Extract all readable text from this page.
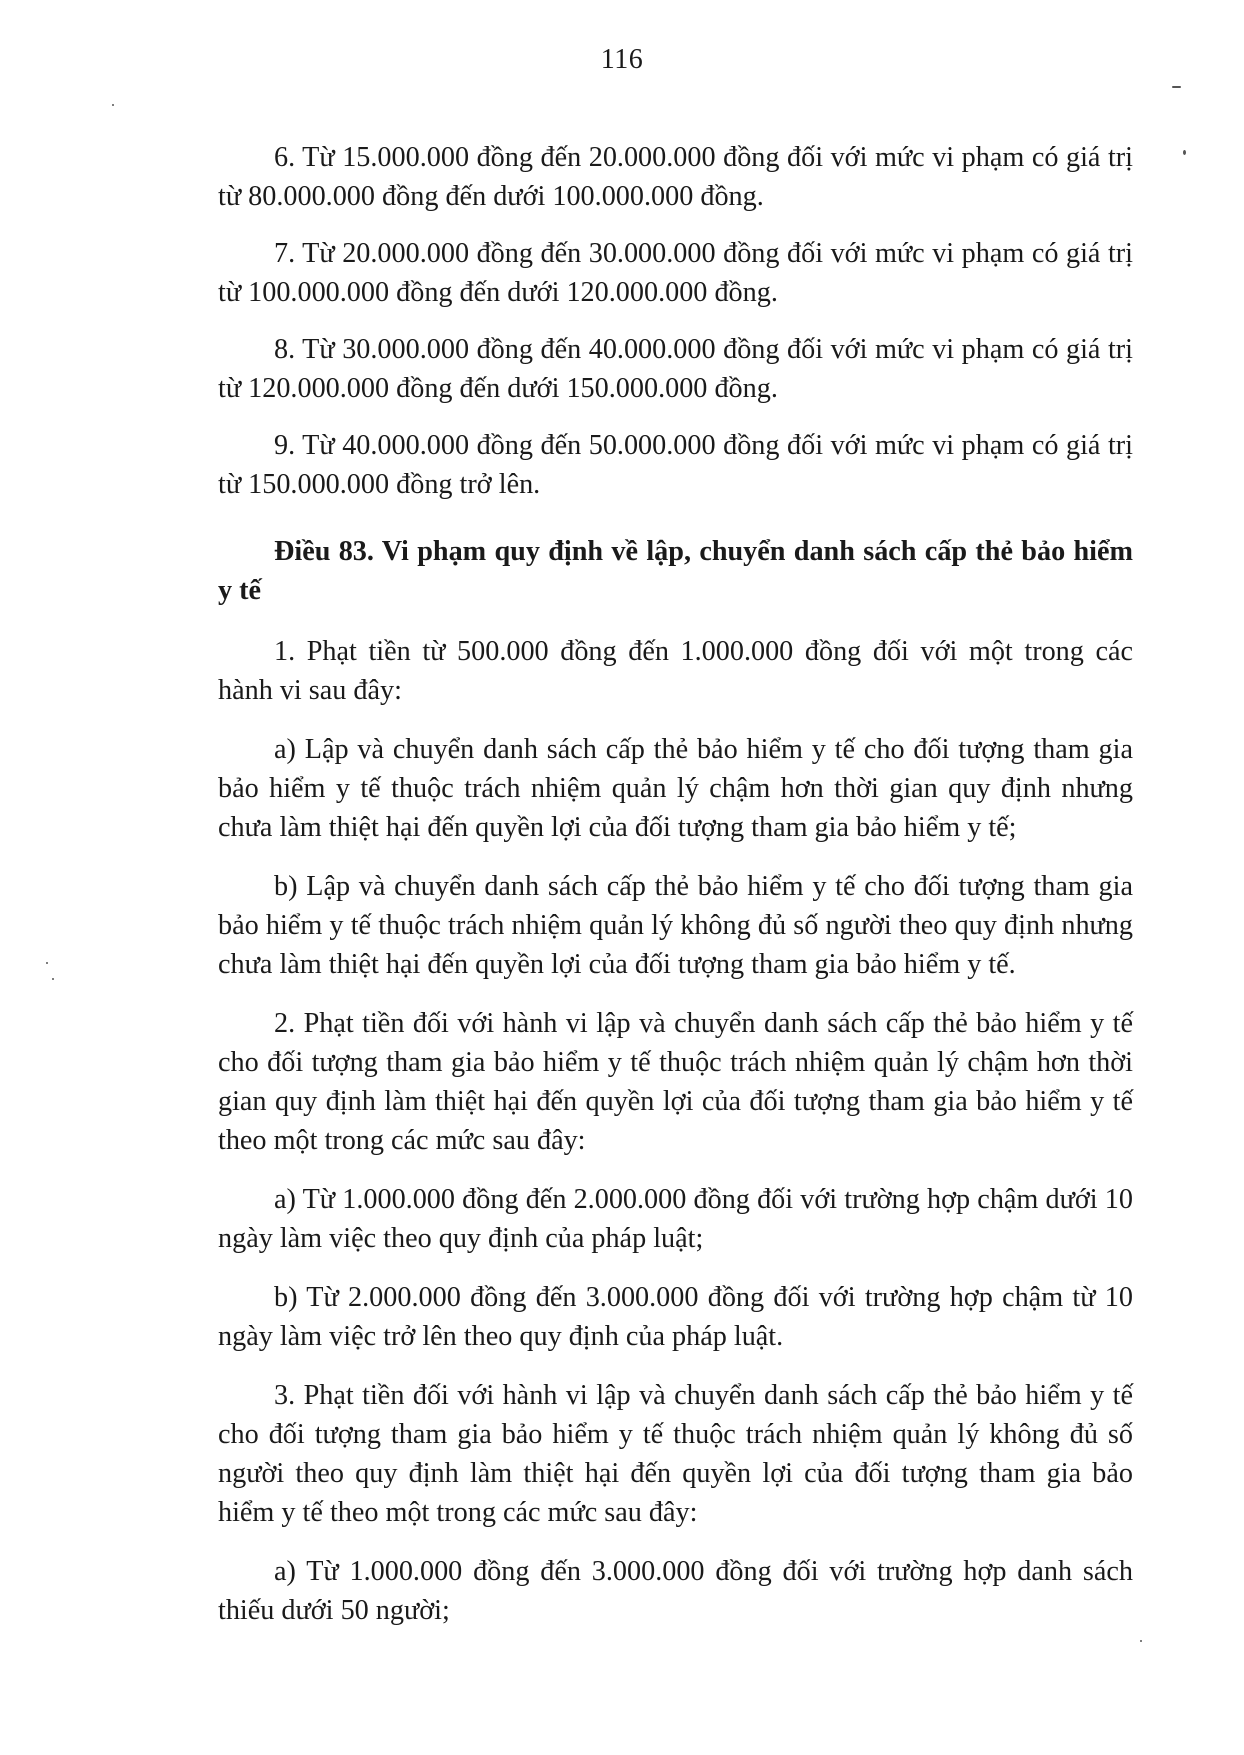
116

6. Từ 15.000.000 đồng đến 20.000.000 đồng đối với mức vi phạm có giá trị từ 80.000.000 đồng đến dưới 100.000.000 đồng.

7. Từ 20.000.000 đồng đến 30.000.000 đồng đối với mức vi phạm có giá trị từ 100.000.000 đồng đến dưới 120.000.000 đồng.

8. Từ 30.000.000 đồng đến 40.000.000 đồng đối với mức vi phạm có giá trị từ 120.000.000 đồng đến dưới 150.000.000 đồng.

9. Từ 40.000.000 đồng đến 50.000.000 đồng đối với mức vi phạm có giá trị từ 150.000.000 đồng trở lên.

Điều 83. Vi phạm quy định về lập, chuyển danh sách cấp thẻ bảo hiểm y tế

1. Phạt tiền từ 500.000 đồng đến 1.000.000 đồng đối với một trong các hành vi sau đây:

a) Lập và chuyển danh sách cấp thẻ bảo hiểm y tế cho đối tượng tham gia bảo hiểm y tế thuộc trách nhiệm quản lý chậm hơn thời gian quy định nhưng chưa làm thiệt hại đến quyền lợi của đối tượng tham gia bảo hiểm y tế;

b) Lập và chuyển danh sách cấp thẻ bảo hiểm y tế cho đối tượng tham gia bảo hiểm y tế thuộc trách nhiệm quản lý không đủ số người theo quy định nhưng chưa làm thiệt hại đến quyền lợi của đối tượng tham gia bảo hiểm y tế.

2. Phạt tiền đối với hành vi lập và chuyển danh sách cấp thẻ bảo hiểm y tế cho đối tượng tham gia bảo hiểm y tế thuộc trách nhiệm quản lý chậm hơn thời gian quy định làm thiệt hại đến quyền lợi của đối tượng tham gia bảo hiểm y tế theo một trong các mức sau đây:

a) Từ 1.000.000 đồng đến 2.000.000 đồng đối với trường hợp chậm dưới 10 ngày làm việc theo quy định của pháp luật;

b) Từ 2.000.000 đồng đến 3.000.000 đồng đối với trường hợp chậm từ 10 ngày làm việc trở lên theo quy định của pháp luật.

3. Phạt tiền đối với hành vi lập và chuyển danh sách cấp thẻ bảo hiểm y tế cho đối tượng tham gia bảo hiểm y tế thuộc trách nhiệm quản lý không đủ số người theo quy định làm thiệt hại đến quyền lợi của đối tượng tham gia bảo hiểm y tế theo một trong các mức sau đây:

a) Từ 1.000.000 đồng đến 3.000.000 đồng đối với trường hợp danh sách thiếu dưới 50 người;
